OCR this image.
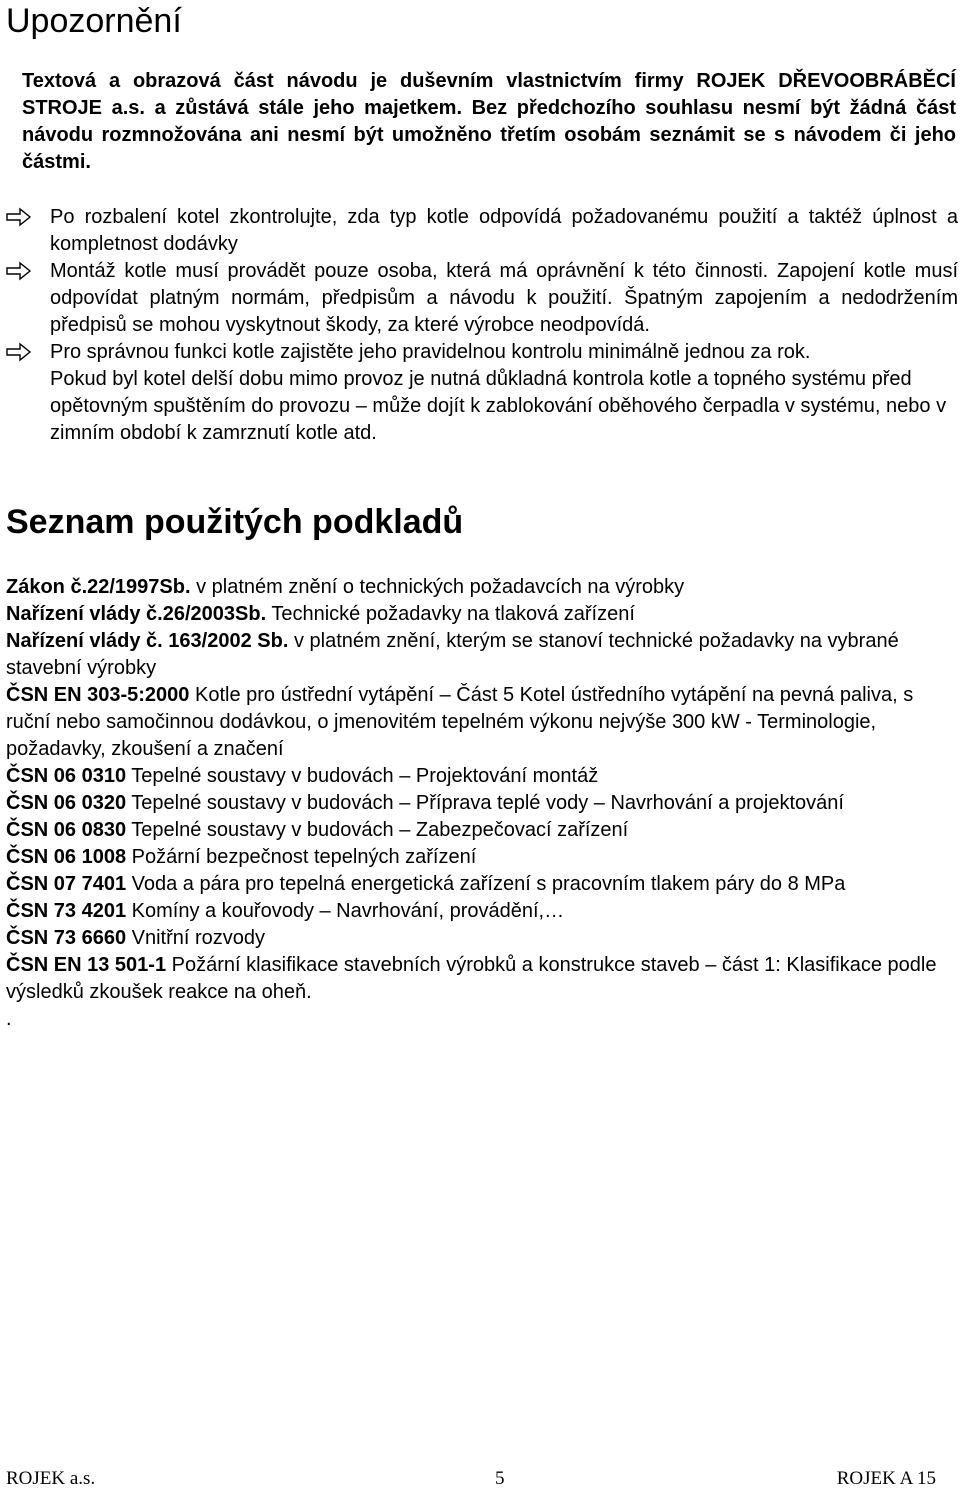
Upozornění

Textová a obrazová část návodu je duševním vlastnictvím firmy ROJEK DŘEVOOBRÁBĚCÍ STROJE a.s. a zůstává stále jeho majetkem. Bez předchozího souhlasu nesmí být žádná část návodu rozmnožována ani nesmí být umožněno třetím osobám seznámit se s návodem či jeho částmi.

Po rozbalení kotel zkontrolujte, zda typ kotle odpovídá požadovanému použití a taktéž úplnost a kompletnost dodávky
Montáž kotle musí provádět pouze osoba, která má oprávnění k této činnosti. Zapojení kotle musí odpovídat platným normám, předpisům a návodu k použití. Špatným zapojením a nedodržením předpisů se mohou vyskytnout škody, za které výrobce neodpovídá.
Pro správnou funkci kotle zajistěte jeho pravidelnou kontrolu minimálně jednou za rok.

Pokud byl kotel delší dobu mimo provoz je nutná důkladná kontrola kotle a topného systému před opětovným spuštěním do provozu – může dojít k zablokování oběhového čerpadla v systému, nebo v zimním období k zamrznutí kotle atd.

Seznam použitých podkladů

Zákon č.22/1997Sb. v platném znění o technických požadavcích na výrobky

Nařízení vlády č.26/2003Sb. Technické požadavky na tlaková zařízení

Nařízení vlády č. 163/2002 Sb. v platném znění, kterým se stanoví technické požadavky na vybrané stavební výrobky

ČSN EN 303-5:2000 Kotle pro ústřední vytápění – Část 5 Kotel ústředního vytápění na pevná paliva, s ruční nebo samočinnou dodávkou, o jmenovitém tepelném výkonu nejvýše 300 kW - Terminologie, požadavky, zkoušení a značení

ČSN 06 0310 Tepelné soustavy v budovách – Projektování montáž

ČSN 06 0320 Tepelné soustavy v budovách – Příprava teplé vody – Navrhování a projektování

ČSN 06 0830 Tepelné soustavy v budovách – Zabezpečovací zařízení

ČSN 06 1008 Požární bezpečnost tepelných zařízení

ČSN 07 7401 Voda a pára pro tepelná energetická zařízení s pracovním tlakem páry do 8 MPa

ČSN 73 4201 Komíny a kouřovody – Navrhování, provádění,…

ČSN 73 6660 Vnitřní rozvody

ČSN EN 13 501-1 Požární klasifikace stavebních výrobků a konstrukce staveb – část 1: Klasifikace podle výsledků zkoušek reakce na oheň.

.

ROJEK a.s.	5	ROJEK A 15
